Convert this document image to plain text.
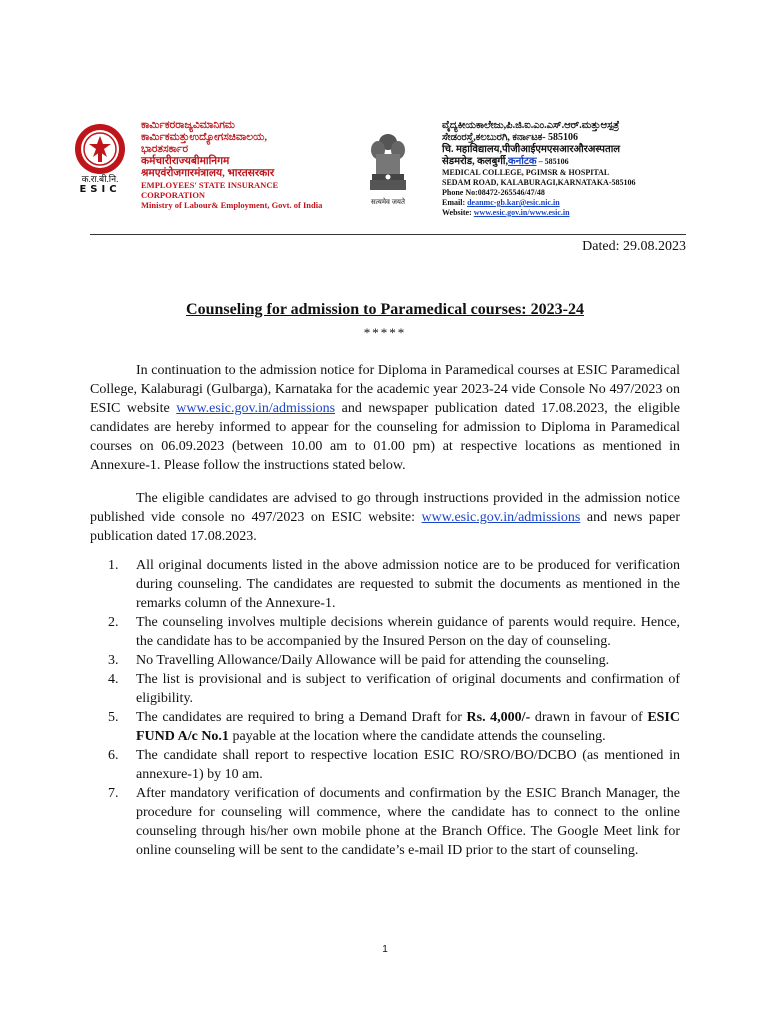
क.रा.बी.नि.
ESIC
ಕಾರ್ಮಿಕರರಾಜ್ಯವಿಮಾನಿಗಮ
ಕಾರ್ಮಿಕಮತ್ತುಉದ್ಯೋಗಸಚಿವಾಲಯ,
ಭಾರತಸರ್ಕಾರ
कर्मचारीराज्यबीमानिगम
श्रमएवंरोजगारमंत्रालय, भारतसरकार
EMPLOYEES' STATE INSURANCE
CORPORATION
Ministry of Labour& Employment, Govt. of India	सत्यमेव जयते
ವೈದ್ಯಕೀಯಕಾಲೇಜು,ಪಿ.ಜಿ.ಐ.ಎಂ.ಎಸ್.ಆರ್.ಮತ್ತುಆಸ್ಪತ್ರೆ
ಸೇಡಂರಸ್ತೆ,ಕಲಬುರಗಿ, ಕರ್ನಾಟಕ- 585106
चि. महाविद्यालय,पीजीआईएमएसआरऔरअस्पताल
सेडमरोड, कलबुर्गी,कर्नाटक – 585106
MEDICAL COLLEGE, PGIMSR & HOSPITAL
SEDAM ROAD, KALABURAGI,KARNATAKA-585106
Phone No:08472-265546/47/48
Email: deanmc-gb.kar@esic.nic.in
Website: www.esic.gov.in/www.esic.in
Dated: 29.08.2023
Counseling for admission to Paramedical courses: 2023-24
*****
In continuation to the admission notice for Diploma in Paramedical courses at ESIC Paramedical College, Kalaburagi (Gulbarga), Karnataka for the academic year 2023-24 vide Console No 497/2023 on ESIC website www.esic.gov.in/admissions and newspaper publication dated 17.08.2023, the eligible candidates are hereby informed to appear for the counseling for admission to Diploma in Paramedical courses on 06.09.2023 (between 10.00 am to 01.00 pm) at respective locations as mentioned in Annexure-1. Please follow the instructions stated below.
The eligible candidates are advised to go through instructions provided in the admission notice published vide console no 497/2023 on ESIC website: www.esic.gov.in/admissions and news paper publication dated 17.08.2023.
1. All original documents listed in the above admission notice are to be produced for verification during counseling. The candidates are requested to submit the documents as mentioned in the remarks column of the Annexure-1.
2. The counseling involves multiple decisions wherein guidance of parents would require. Hence, the candidate has to be accompanied by the Insured Person on the day of counseling.
3. No Travelling Allowance/Daily Allowance will be paid for attending the counseling.
4. The list is provisional and is subject to verification of original documents and confirmation of eligibility.
5. The candidates are required to bring a Demand Draft for Rs. 4,000/- drawn in favour of ESIC FUND A/c No.1 payable at the location where the candidate attends the counseling.
6. The candidate shall report to respective location ESIC RO/SRO/BO/DCBO (as mentioned in annexure-1) by 10 am.
7. After mandatory verification of documents and confirmation by the ESIC Branch Manager, the procedure for counseling will commence, where the candidate has to connect to the online counseling through his/her own mobile phone at the Branch Office. The Google Meet link for online counseling will be sent to the candidate’s e-mail ID prior to the start of counseling.
1
